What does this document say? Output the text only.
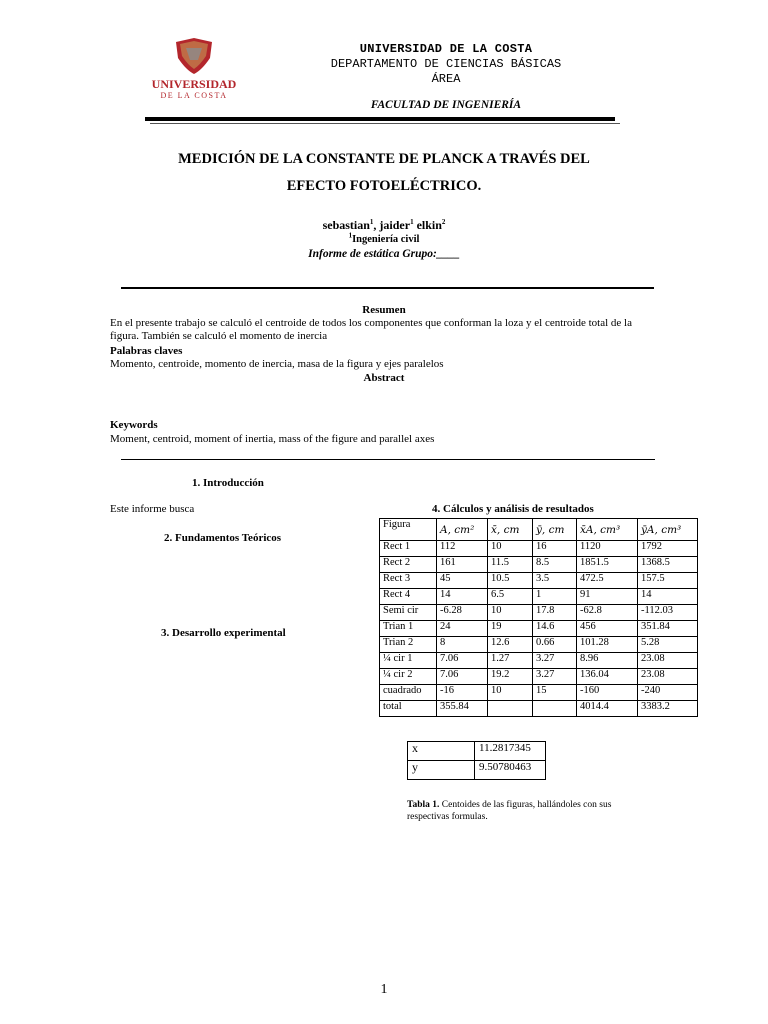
UNIVERSIDAD
DE LA COSTA
UNIVERSIDAD DE LA COSTA
DEPARTAMENTO DE CIENCIAS BÁSICAS
ÁREA
FACULTAD DE INGENIERÍA
MEDICIÓN DE LA CONSTANTE DE PLANCK A TRAVÉS DEL
EFECTO FOTOELÉCTRICO.
sebastian$^1$, jaider$^1$ elkin$^2$
$^1$Ingeniería civil
Informe de estática Grupo:____
Resumen
En el presente trabajo se calculó el centroide de todos los componentes que conforman la loza y el centroide total de la figura. También se calculó el momento de inercia
Palabras claves
Momento, centroide, momento de inercia, masa de la figura y ejes paralelos
Abstract
Keywords
Moment, centroid, moment of inertia, mass of the figure and parallel axes
1. Introducción
Este informe busca
2. Fundamentos Teóricos
3. Desarrollo experimental
4. Cálculos y análisis de resultados
Figura	A, cm²	x̄, cm	ȳ, cm	x̄A, cm³	ȳA, cm³
Rect 1	112	10	16	1120	1792
Rect 2	161	11.5	8.5	1851.5	1368.5
Rect 3	45	10.5	3.5	472.5	157.5
Rect 4	14	6.5	1	91	14
Semi cir	-6.28	10	17.8	-62.8	-112.03
Trian 1	24	19	14.6	456	351.84
Trian 2	8	12.6	0.66	101.28	5.28
¼ cir 1	7.06	1.27	3.27	8.96	23.08
¼ cir 2	7.06	19.2	3.27	136.04	23.08
cuadrado	-16	10	15	-160	-240
total	355.84			4014.4	3383.2
x	11.2817345
y	9.50780463
Tabla 1. Centoides de las figuras, hallándoles con sus respectivas formulas.
1
